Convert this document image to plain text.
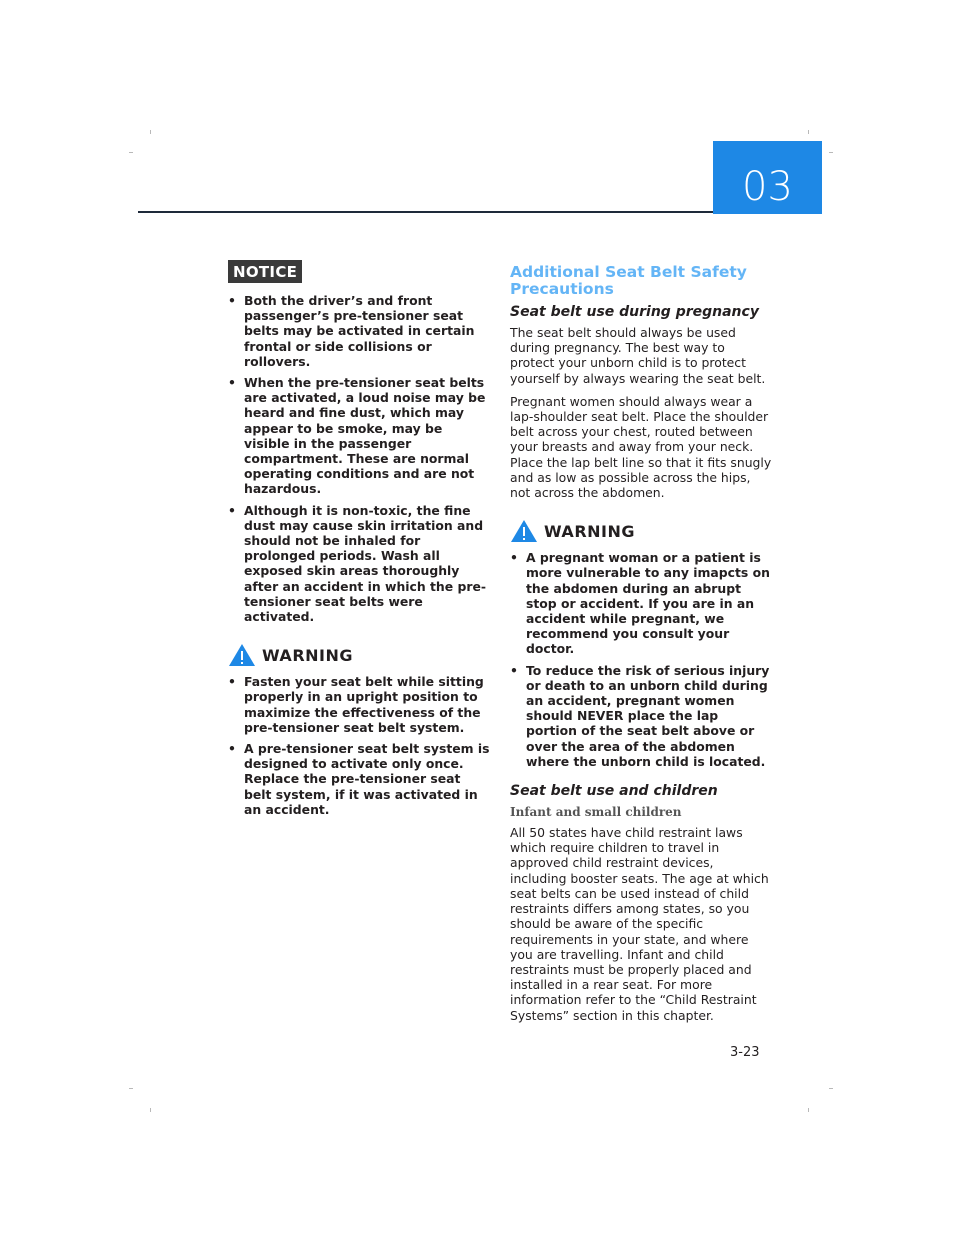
03
NOTICE
• Both the driver’s and front passenger’s pre-tensioner seat belts may be activated in certain frontal or side collisions or rollovers.
• When the pre-tensioner seat belts are activated, a loud noise may be heard and fine dust, which may appear to be smoke, may be visible in the passenger compartment. These are normal operating conditions and are not hazardous.
• Although it is non-toxic, the fine dust may cause skin irritation and should not be inhaled for prolonged periods. Wash all exposed skin areas thoroughly after an accident in which the pre-tensioner seat belts were activated.
WARNING
• Fasten your seat belt while sitting properly in an upright position to maximize the effectiveness of the pre-tensioner seat belt system.
• A pre-tensioner seat belt system is designed to activate only once. Replace the pre-tensioner seat belt system, if it was activated in an accident.
Additional Seat Belt Safety Precautions
Seat belt use during pregnancy

The seat belt should always be used during pregnancy. The best way to protect your unborn child is to protect yourself by always wearing the seat belt.

Pregnant women should always wear a lap-shoulder seat belt. Place the shoulder belt across your chest, routed between your breasts and away from your neck. Place the lap belt line so that it fits snugly and as low as possible across the hips, not across the abdomen.

WARNING
• A pregnant woman or a patient is more vulnerable to any imapcts on the abdomen during an abrupt stop or accident. If you are in an accident while pregnant, we recommend you consult your doctor.
• To reduce the risk of serious injury or death to an unborn child during an accident, pregnant women should NEVER place the lap portion of the seat belt above or over the area of the abdomen where the unborn child is located.
Seat belt use and children
Infant and small children

All 50 states have child restraint laws which require children to travel in approved child restraint devices, including booster seats. The age at which seat belts can be used instead of child restraints differs among states, so you should be aware of the specific requirements in your state, and where you are travelling. Infant and child restraints must be properly placed and installed in a rear seat. For more information refer to the “Child Restraint Systems” section in this chapter.

3-23
